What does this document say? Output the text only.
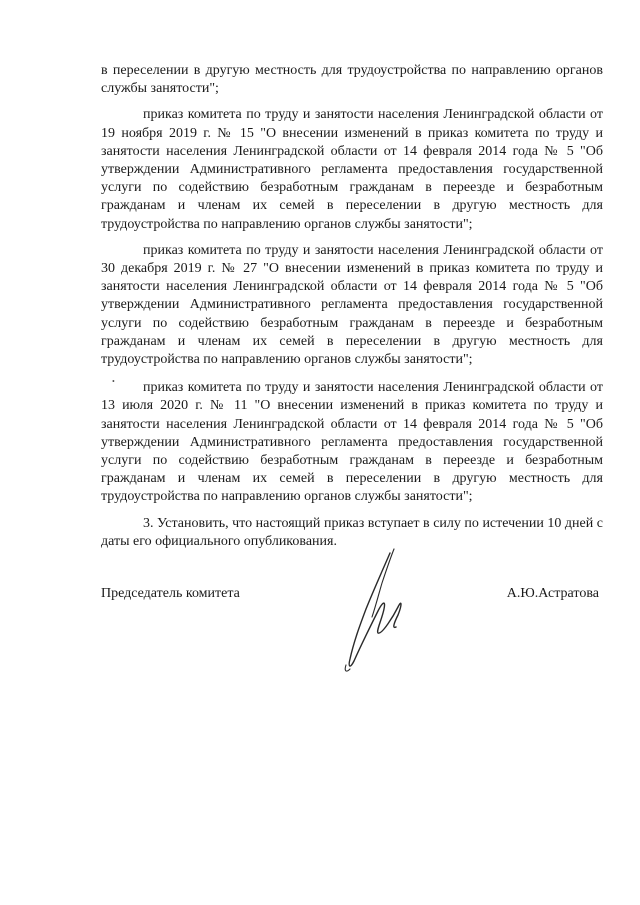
в переселении в другую местность для трудоустройства по направлению органов службы занятости";

приказ комитета по труду и занятости населения Ленинградской области от 19 ноября 2019 г. № 15 "О внесении изменений в приказ комитета по труду и занятости населения Ленинградской области от 14 февраля 2014 года № 5 "Об утверждении Административного регламента предоставления государственной услуги по содействию безработным гражданам в переезде и безработным гражданам и членам их семей в переселении в другую местность для трудоустройства по направлению органов службы занятости";

приказ комитета по труду и занятости населения Ленинградской области от 30 декабря 2019 г. № 27 "О внесении изменений в приказ комитета по труду и занятости населения Ленинградской области от 14 февраля 2014 года № 5 "Об утверждении Административного регламента предоставления государственной услуги по содействию безработным гражданам в переезде и безработным гражданам и членам их семей в переселении в другую местность для трудоустройства по направлению органов службы занятости";

приказ комитета по труду и занятости населения Ленинградской области от 13 июля 2020 г. № 11 "О внесении изменений в приказ комитета по труду и занятости населения Ленинградской области от 14 февраля 2014 года № 5 "Об утверждении Административного регламента предоставления государственной услуги по содействию безработным гражданам в переезде и безработным гражданам и членам их семей в переселении в другую местность для трудоустройства по направлению органов службы занятости";

3. Установить, что настоящий приказ вступает в силу по истечении 10 дней с даты его официального опубликования.

•
Председатель комитета	А.Ю.Астратова
